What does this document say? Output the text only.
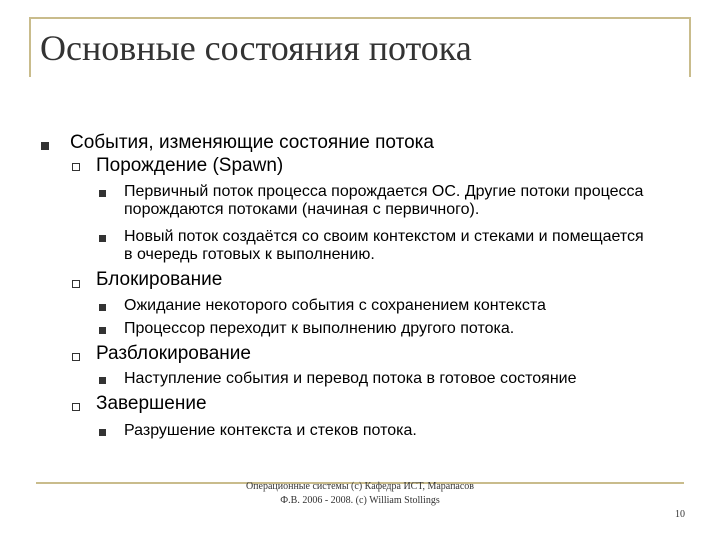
Основные состояния потока
События, изменяющие состояние потока
Порождение (Spawn)
Первичный поток процесса порождается ОС. Другие потоки процесса порождаются потоками (начиная с первичного).
Новый поток создаётся со своим контекстом и стеками и помещается в очередь готовых к выполнению.
Блокирование
Ожидание некоторого события с сохранением контекста
Процессор переходит к выполнению другого потока.
Разблокирование
Наступление события и перевод потока в готовое состояние
Завершение
Разрушение контекста и стеков потока.
Операционные системы (с) Кафедра ИСТ, Марапасов Ф.В. 2006 - 2008. (с) William Stollings
10
